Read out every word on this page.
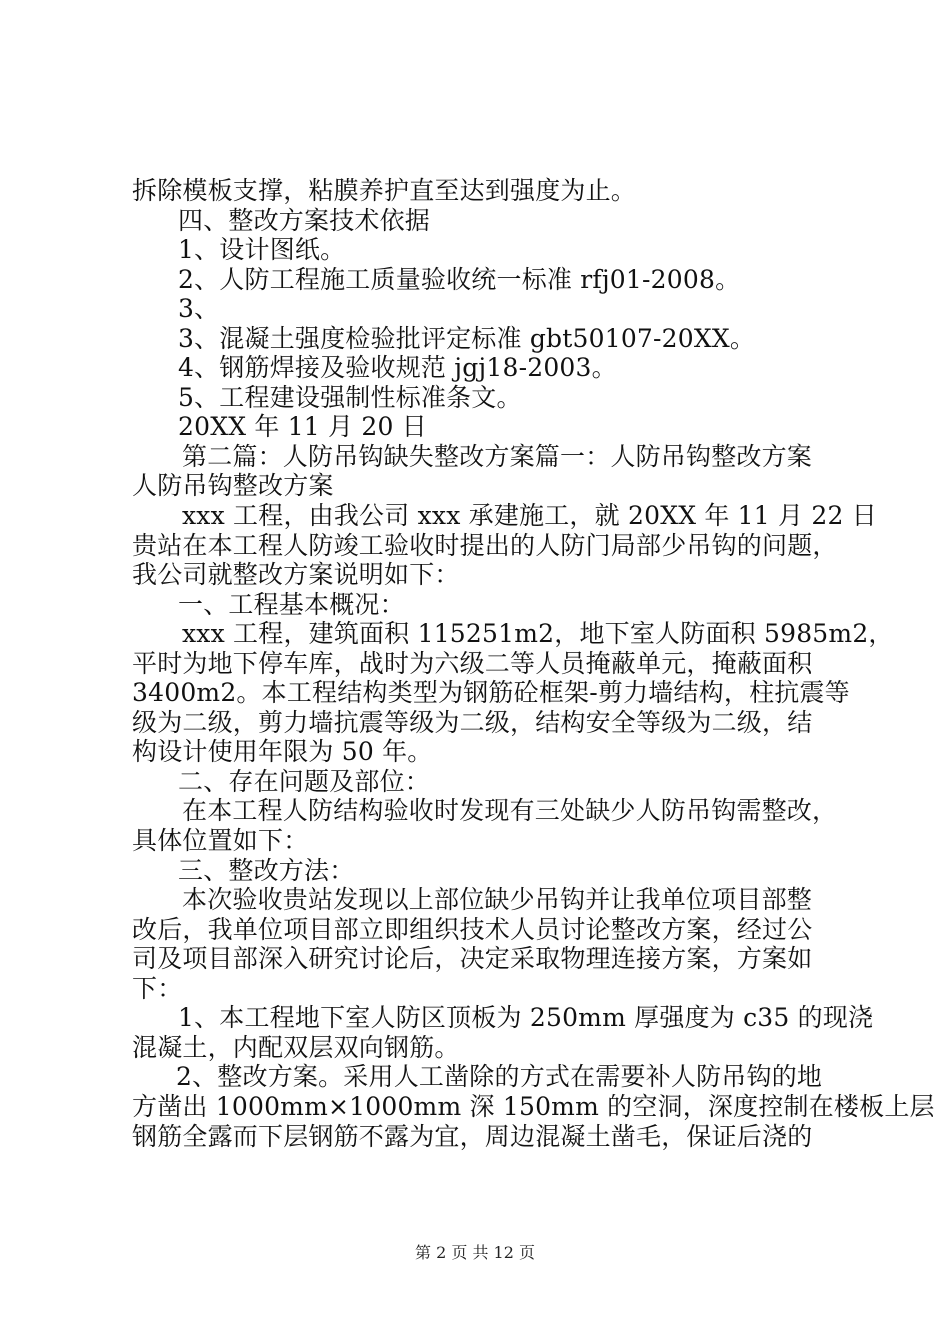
拆除模板支撑，粘膜养护直至达到强度为止。
四、整改方案技术依据
1、设计图纸。
2、人防工程施工质量验收统一标准 rfj01-2008。
3、
3、混凝土强度检验批评定标准 gbt50107-20XX。
4、钢筋焊接及验收规范 jgj18-2003。
5、工程建设强制性标准条文。
20XX 年 11 月 20 日
第二篇：人防吊钩缺失整改方案篇一：人防吊钩整改方案
人防吊钩整改方案
xxx 工程，由我公司 xxx 承建施工，就 20XX 年 11 月 22 日
贵站在本工程人防竣工验收时提出的人防门局部少吊钩的问题，
我公司就整改方案说明如下：
一、工程基本概况：
xxx 工程，建筑面积 115251m2，地下室人防面积 5985m2，
平时为地下停车库，战时为六级二等人员掩蔽单元，掩蔽面积
3400m2。本工程结构类型为钢筋砼框架-剪力墙结构，柱抗震等
级为二级，剪力墙抗震等级为二级，结构安全等级为二级，结
构设计使用年限为 50 年。
二、存在问题及部位：
在本工程人防结构验收时发现有三处缺少人防吊钩需整改，
具体位置如下：
三、整改方法：
本次验收贵站发现以上部位缺少吊钩并让我单位项目部整
改后，我单位项目部立即组织技术人员讨论整改方案，经过公
司及项目部深入研究讨论后，决定采取物理连接方案，方案如
下：
1、本工程地下室人防区顶板为 250mm 厚强度为 c35 的现浇
混凝土，内配双层双向钢筋。
2、整改方案。采用人工凿除的方式在需要补人防吊钩的地
方凿出 1000mm×1000mm 深 150mm 的空洞，深度控制在楼板上层
钢筋全露而下层钢筋不露为宜，周边混凝土凿毛，保证后浇的
第 2 页 共 12 页
